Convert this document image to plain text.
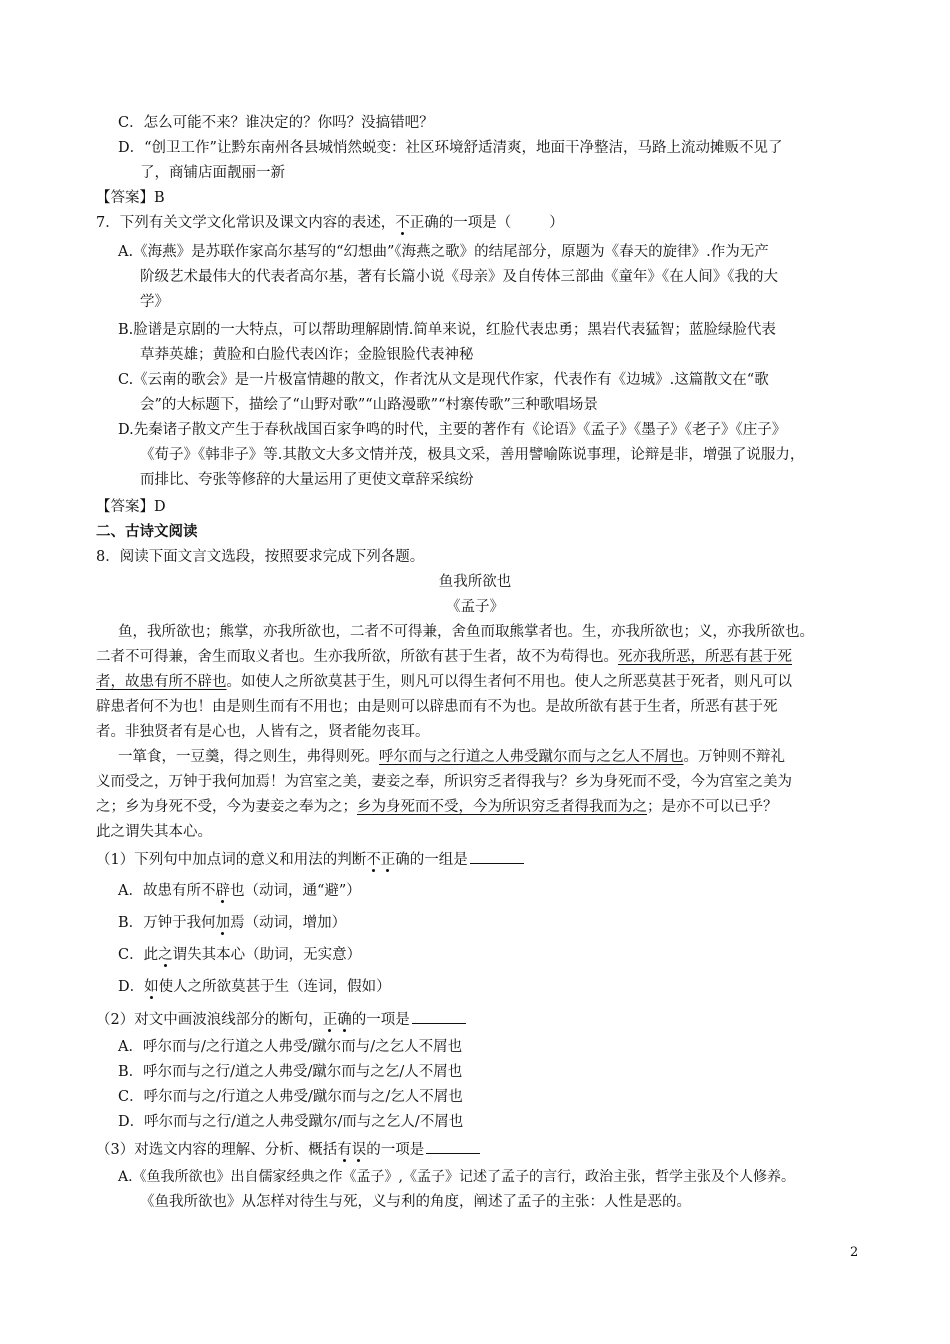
C．怎么可能不来？谁决定的？你吗？没搞错吧？
D．“创卫工作”让黔东南州各县城悄然蜕变：社区环境舒适清爽，地面干净整洁，马路上流动摊贩不见了
了，商铺店面靓丽一新
【答案】B
7．下列有关文学文化常识及课文内容的表述，不正确的一项是（	）
A.《海燕》是苏联作家高尔基写的“幻想曲”《海燕之歌》的结尾部分，原题为《春天的旋律》.作为无产
阶级艺术最伟大的代表者高尔基，著有长篇小说《母亲》及自传体三部曲《童年》《在人间》《我的大
学》
B.脸谱是京剧的一大特点，可以帮助理解剧情.简单来说，红脸代表忠勇；黑岩代表猛智；蓝脸绿脸代表
草莽英雄；黄脸和白脸代表凶诈；金脸银脸代表神秘
C.《云南的歌会》是一片极富情趣的散文，作者沈从文是现代作家，代表作有《边城》.这篇散文在“歌
会”的大标题下，描绘了“山野对歌”“山路漫歌”“村寨传歌”三种歌唱场景
D.先秦诸子散文产生于春秋战国百家争鸣的时代，主要的著作有《论语》《孟子》《墨子》《老子》《庄子》
《荀子》《韩非子》等.其散文大多文情并茂，极具文采，善用譬喻陈说事理，论辩是非，增强了说服力，
而排比、夸张等修辞的大量运用了更使文章辞采缤纷
【答案】D
二、古诗文阅读
8．阅读下面文言文选段，按照要求完成下列各题。
鱼我所欲也
《孟子》
鱼，我所欲也；熊掌，亦我所欲也，二者不可得兼，舍鱼而取熊掌者也。生，亦我所欲也；义，亦我所欲也。
二者不可得兼，舍生而取义者也。生亦我所欲，所欲有甚于生者，故不为苟得也。死亦我所恶，所恶有甚于死
者，故患有所不辟也。如使人之所欲莫甚于生，则凡可以得生者何不用也。使人之所恶莫甚于死者，则凡可以
辟患者何不为也！由是则生而有不用也；由是则可以辟患而有不为也。是故所欲有甚于生者，所恶有甚于死
者。非独贤者有是心也，人皆有之，贤者能勿丧耳。
一箪食，一豆羹，得之则生，弗得则死。呼尔而与之行道之人弗受蹴尔而与之乞人不屑也。万钟则不辩礼
义而受之，万钟于我何加焉！为宫室之美，妻妾之奉，所识穷乏者得我与？乡为身死而不受，今为宫室之美为
之；乡为身死不受，今为妻妾之奉为之；乡为身死而不受，今为所识穷乏者得我而为之；是亦不可以已乎？
此之谓失其本心。
（1）下列句中加点词的意义和用法的判断不正确的一组是
A．故患有所不辟也（动词，通“避”）
B．万钟于我何加焉（动词，增加）
C．此之谓失其本心（助词，无实意）
D．如使人之所欲莫甚于生（连词，假如）
（2）对文中画波浪线部分的断句，正确的一项是
A．呼尔而与/之行道之人弗受/蹴尔而与/之乞人不屑也
B．呼尔而与之行/道之人弗受/蹴尔而与之乞/人不屑也
C．呼尔而与之/行道之人弗受/蹴尔而与之/乞人不屑也
D．呼尔而与之行/道之人弗受蹴尔/而与之乞人/不屑也
（3）对选文内容的理解、分析、概括有误的一项是
A.《鱼我所欲也》出自儒家经典之作《孟子》,《孟子》记述了孟子的言行，政治主张，哲学主张及个人修养。
《鱼我所欲也》从怎样对待生与死，义与利的角度，阐述了孟子的主张：人性是恶的。
2
